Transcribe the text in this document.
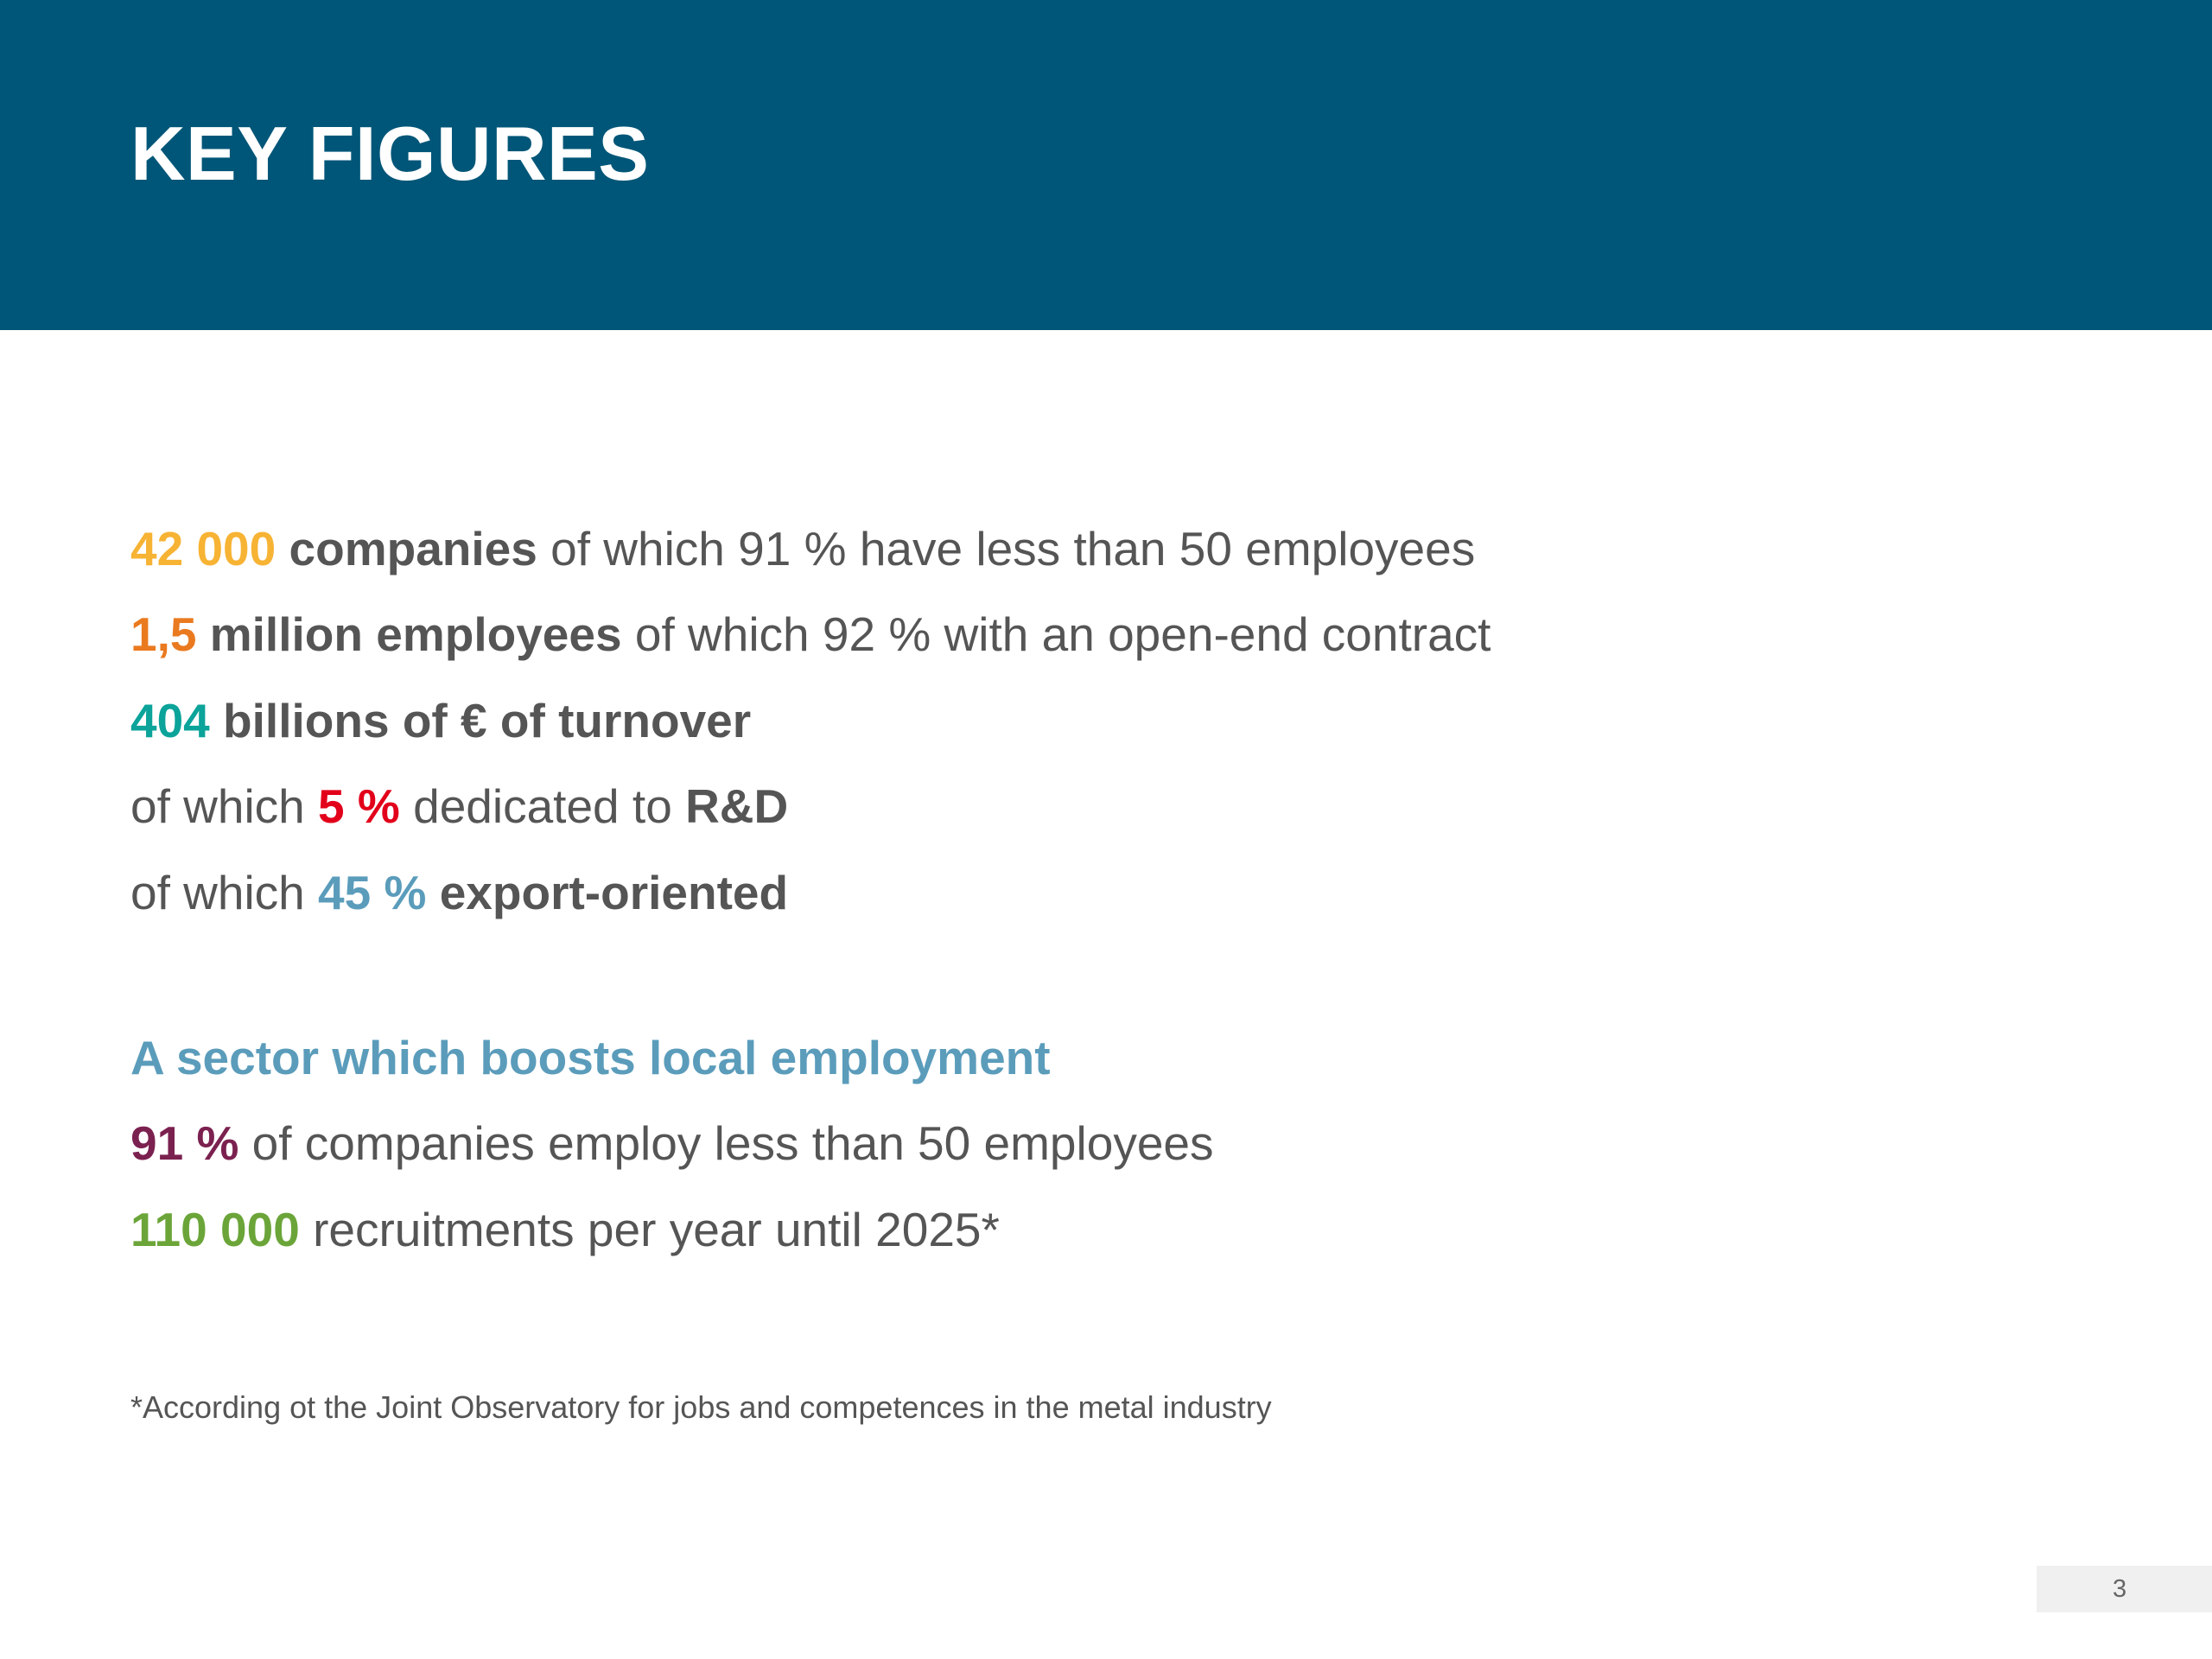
KEY FIGURES
42 000 companies of which 91 % have less than 50 employees
1,5 million employees of which 92 % with an open-end contract
404 billions of € of turnover
of which 5 % dedicated to R&D
of which 45 % export-oriented
A sector which boosts local employment
91 % of companies employ less than 50 employees
110 000 recruitments per year until 2025*
*According ot the Joint Observatory for jobs and competences in the metal industry
3
